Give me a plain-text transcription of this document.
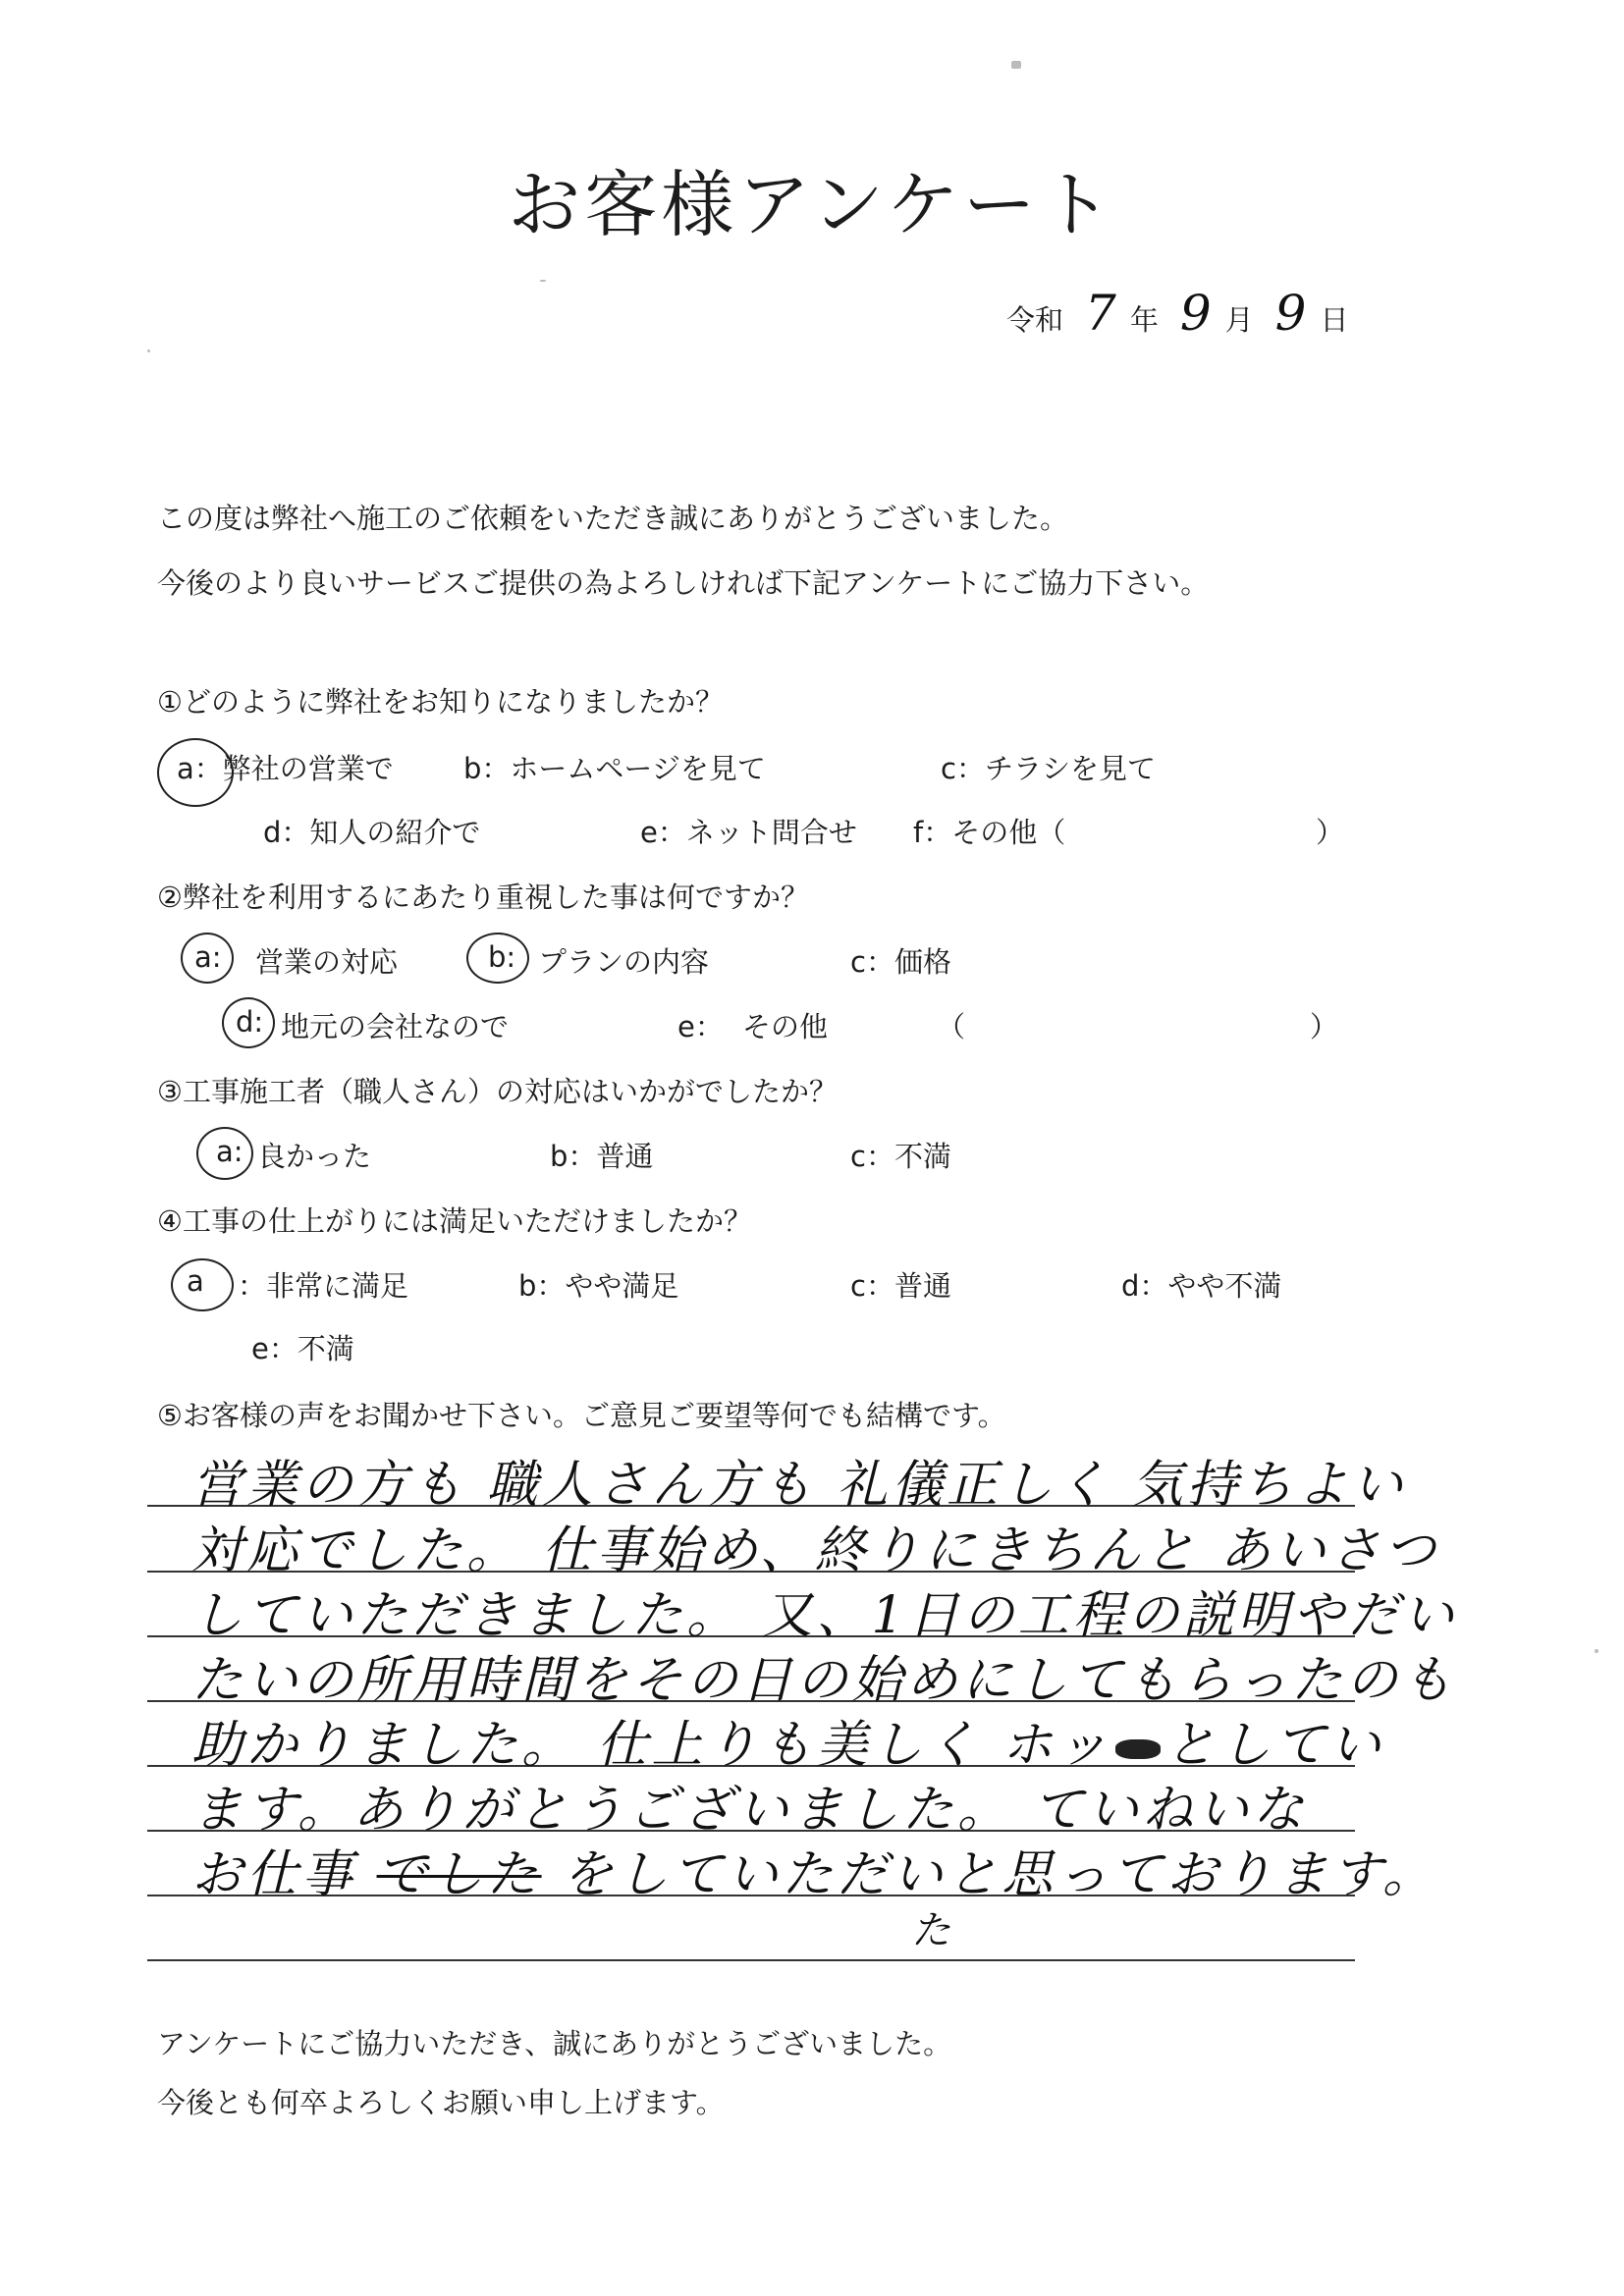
お客様アンケート
令和 7 年 9 月 9 日
この度は弊社へ施工のご依頼をいただき誠にありがとうございました。
今後のより良いサービスご提供の為よろしければ下記アンケートにご協力下さい。
①どのように弊社をお知りになりましたか？
a：弊社の営業で b：ホームページを見て	c：チラシを見て
d：知人の紹介で	e：ネット問合せ f：その他（	）
②弊社を利用するにあたり重視した事は何ですか？
a: 営業の対応	b: プランの内容	c：価格
d: 地元の会社なので	e： その他	（	）
③工事施工者（職人さん）の対応はいかがでしたか？
a: 良かった	b：普通	c：不満
④工事の仕上がりには満足いただけましたか？
a ：非常に満足	b：やや満足	c：普通	d：やや不満
e：不満
⑤お客様の声をお聞かせ下さい。ご意見ご要望等何でも結構です。
営業の方も 職人さん方も 礼儀正しく 気持ちよい
対応でした。 仕事始め、終りにきちんと あいさつ
していただきました。 又、1日の工程の説明やだい
たいの所用時間をその日の始めにしてもらったのも
助かりました。 仕上りも美しく ホッ としてい
ます。ありがとうございました。 ていねいな
お仕事 でした をしていただいと思っております。
た
アンケートにご協力いただき、誠にありがとうございました。
今後とも何卒よろしくお願い申し上げます。
